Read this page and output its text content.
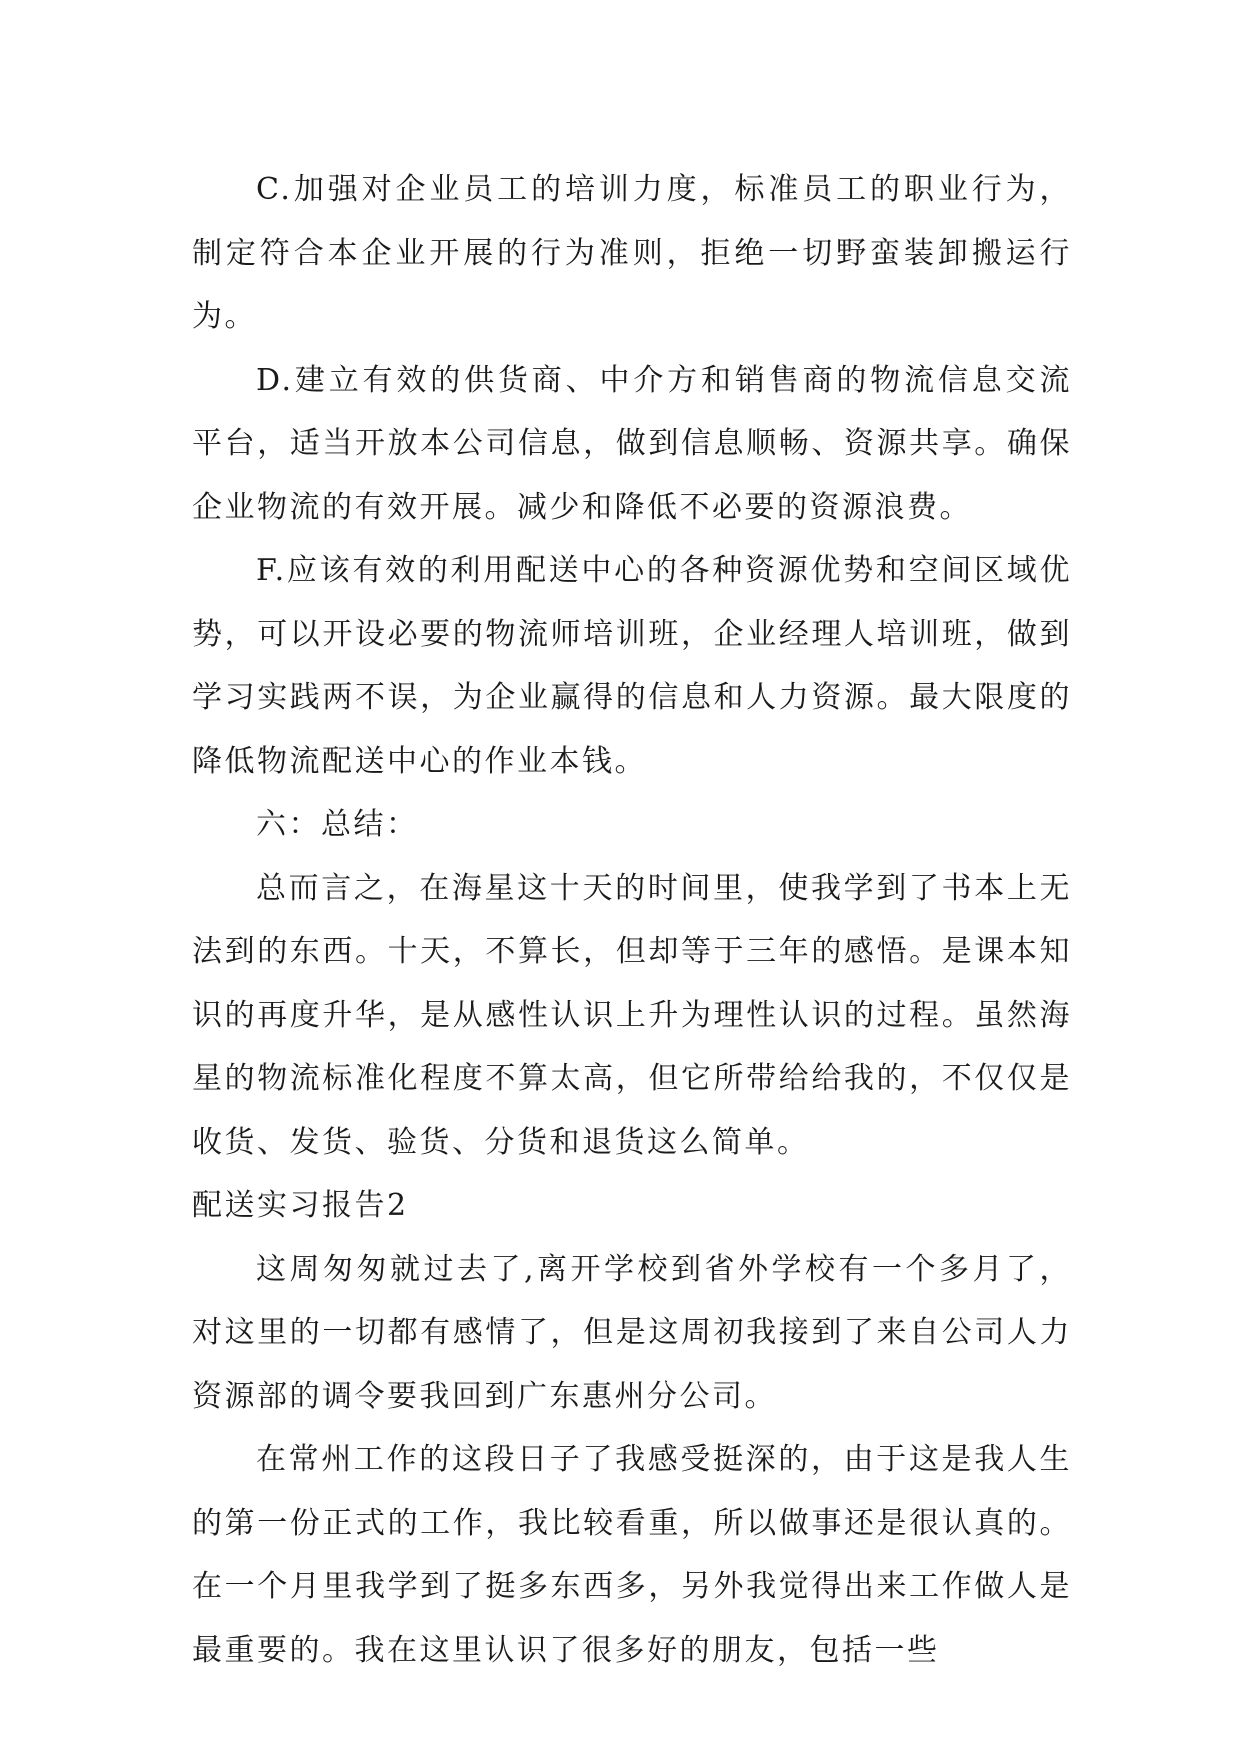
C.加强对企业员工的培训力度，标准员工的职业行为，制定符合本企业开展的行为准则，拒绝一切野蛮装卸搬运行为。

D.建立有效的供货商、中介方和销售商的物流信息交流平台，适当开放本公司信息，做到信息顺畅、资源共享。确保企业物流的有效开展。减少和降低不必要的资源浪费。

F.应该有效的利用配送中心的各种资源优势和空间区域优势，可以开设必要的物流师培训班，企业经理人培训班，做到学习实践两不误，为企业赢得的信息和人力资源。最大限度的降低物流配送中心的作业本钱。

六：总结：

总而言之，在海星这十天的时间里，使我学到了书本上无法到的东西。十天，不算长，但却等于三年的感悟。是课本知识的再度升华，是从感性认识上升为理性认识的过程。虽然海星的物流标准化程度不算太高，但它所带给给我的，不仅仅是收货、发货、验货、分货和退货这么简单。

配送实习报告2

这周匆匆就过去了,离开学校到省外学校有一个多月了，对这里的一切都有感情了，但是这周初我接到了来自公司人力资源部的调令要我回到广东惠州分公司。

在常州工作的这段日子了我感受挺深的，由于这是我人生的第一份正式的工作，我比较看重，所以做事还是很认真的。在一个月里我学到了挺多东西多，另外我觉得出来工作做人是最重要的。我在这里认识了很多好的朋友，包括一些
